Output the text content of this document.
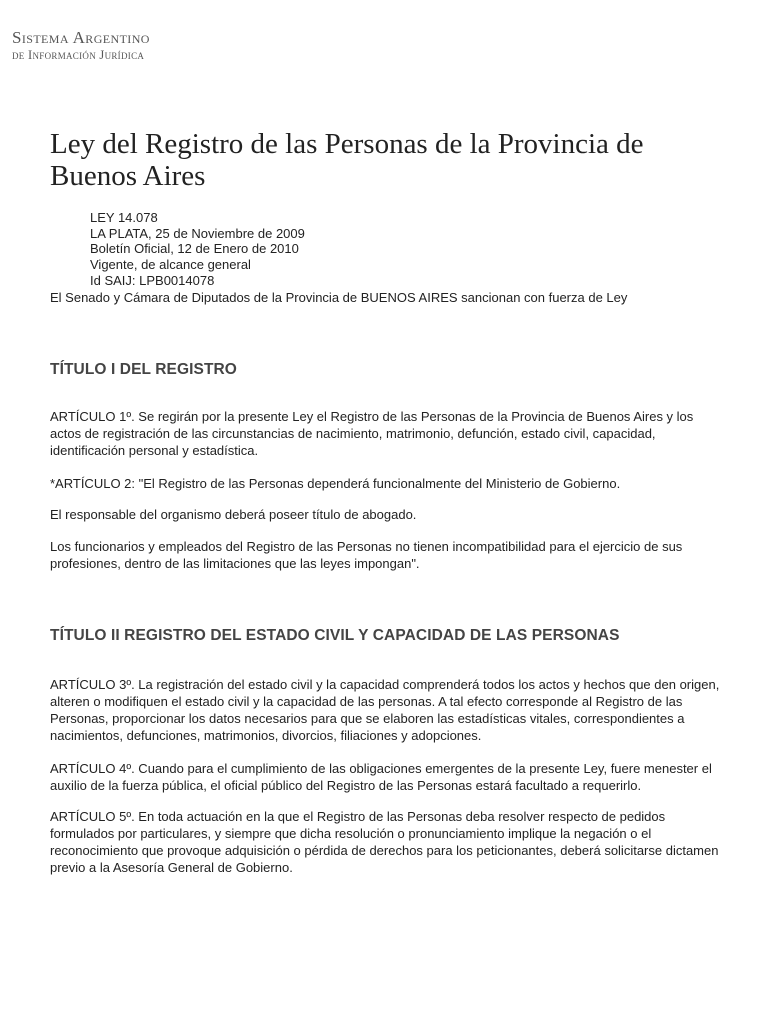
Sistema Argentino
de Información Jurídica
Ley del Registro de las Personas de la Provincia de Buenos Aires
LEY 14.078
LA PLATA, 25 de Noviembre de 2009
Boletín Oficial, 12 de Enero de 2010
Vigente, de alcance general
Id SAIJ: LPB0014078
El Senado y Cámara de Diputados de la Provincia de BUENOS AIRES sancionan con fuerza de Ley
TÍTULO I DEL REGISTRO

ARTÍCULO 1º. Se regirán por la presente Ley el Registro de las Personas de la Provincia de Buenos Aires y los actos de registración de las circunstancias de nacimiento, matrimonio, defunción, estado civil, capacidad, identificación personal y estadística.

*ARTÍCULO 2: "El Registro de las Personas dependerá funcionalmente del Ministerio de Gobierno.

El responsable del organismo deberá poseer título de abogado.

Los funcionarios y empleados del Registro de las Personas no tienen incompatibilidad para el ejercicio de sus profesiones, dentro de las limitaciones que las leyes impongan".

TÍTULO II REGISTRO DEL ESTADO CIVIL Y CAPACIDAD DE LAS PERSONAS

ARTÍCULO 3º. La registración del estado civil y la capacidad comprenderá todos los actos y hechos que den origen, alteren o modifiquen el estado civil y la capacidad de las personas. A tal efecto corresponde al Registro de las Personas, proporcionar los datos necesarios para que se elaboren las estadísticas vitales, correspondientes a nacimientos, defunciones, matrimonios, divorcios, filiaciones y adopciones.

ARTÍCULO 4º. Cuando para el cumplimiento de las obligaciones emergentes de la presente Ley, fuere menester el auxilio de la fuerza pública, el oficial público del Registro de las Personas estará facultado a requerirlo.

ARTÍCULO 5º. En toda actuación en la que el Registro de las Personas deba resolver respecto de pedidos formulados por particulares, y siempre que dicha resolución o pronunciamiento implique la negación o el reconocimiento que provoque adquisición o pérdida de derechos para los peticionantes, deberá solicitarse dictamen previo a la Asesoría General de Gobierno.
